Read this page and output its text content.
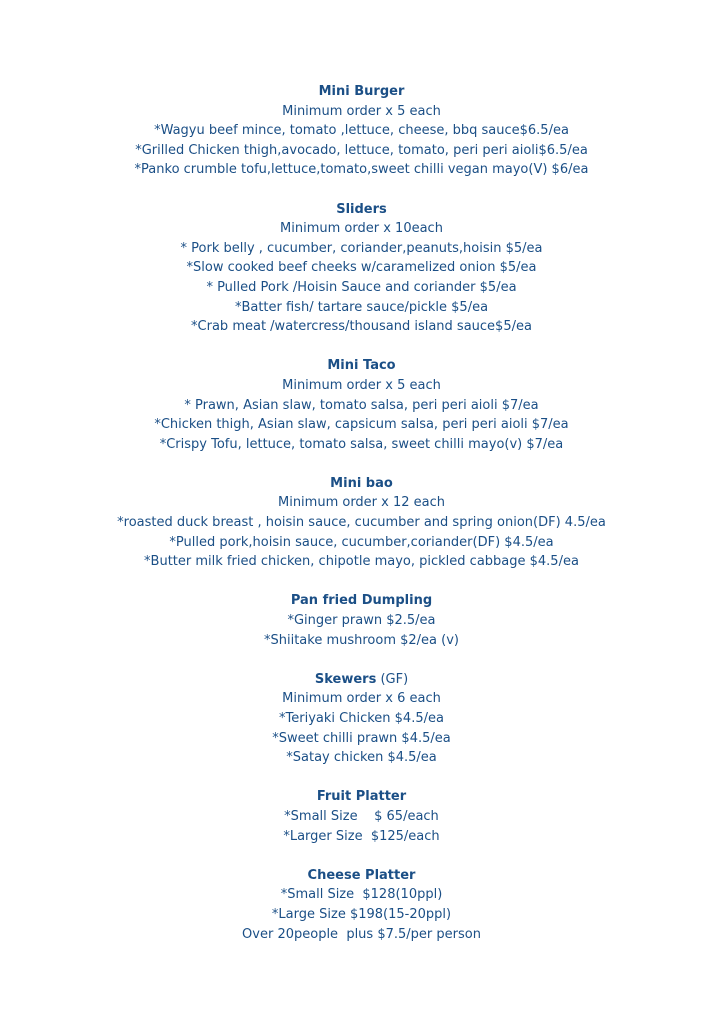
Mini Burger

Minimum order x 5 each

*Wagyu beef mince, tomato ,lettuce, cheese, bbq sauce$6.5/ea

*Grilled Chicken thigh,avocado, lettuce, tomato, peri peri aioli$6.5/ea

*Panko crumble tofu,lettuce,tomato,sweet chilli vegan mayo(V) $6/ea

Sliders

Minimum order x 10each

* Pork belly , cucumber, coriander,peanuts,hoisin $5/ea

*Slow cooked beef cheeks w/caramelized onion $5/ea

* Pulled Pork /Hoisin Sauce and coriander $5/ea

*Batter fish/ tartare sauce/pickle $5/ea

*Crab meat /watercress/thousand island sauce$5/ea

Mini Taco

Minimum order x 5 each

* Prawn, Asian slaw, tomato salsa, peri peri aioli $7/ea

*Chicken thigh, Asian slaw, capsicum salsa, peri peri aioli $7/ea

*Crispy Tofu, lettuce, tomato salsa, sweet chilli mayo(v) $7/ea

Mini bao

Minimum order x 12 each

*roasted duck breast , hoisin sauce, cucumber and spring onion(DF) 4.5/ea

*Pulled pork,hoisin sauce, cucumber,coriander(DF) $4.5/ea

*Butter milk fried chicken, chipotle mayo, pickled cabbage $4.5/ea

Pan fried Dumpling

*Ginger prawn $2.5/ea

*Shiitake mushroom $2/ea (v)

Skewers (GF)

Minimum order x 6 each

*Teriyaki Chicken $4.5/ea

*Sweet chilli prawn $4.5/ea

*Satay chicken $4.5/ea

Fruit Platter

*Small Size    $ 65/each

*Larger Size  $125/each

Cheese Platter

*Small Size  $128(10ppl)

*Large Size $198(15-20ppl)

Over 20people  plus $7.5/per person
